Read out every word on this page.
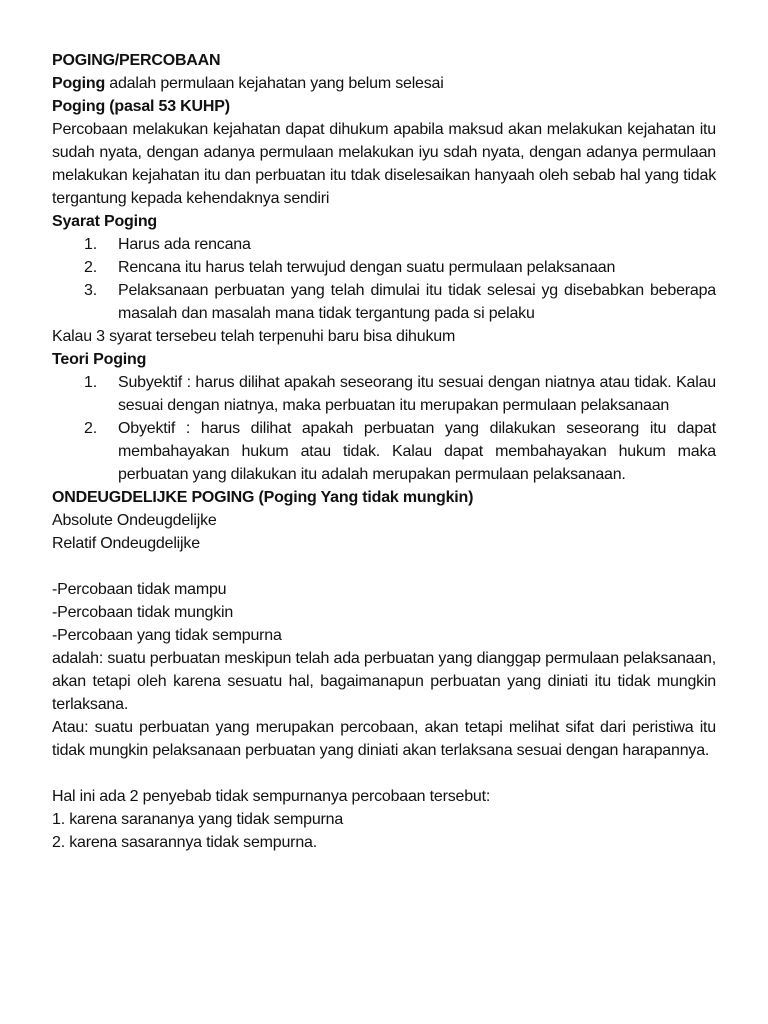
POGING/PERCOBAAN
Poging adalah permulaan kejahatan yang belum selesai
Poging (pasal 53 KUHP)
Percobaan melakukan kejahatan dapat dihukum apabila maksud akan melakukan kejahatan itu sudah nyata, dengan adanya permulaan melakukan iyu sdah nyata, dengan adanya permulaan melakukan kejahatan itu dan perbuatan itu tdak diselesaikan hanyaah oleh sebab hal yang tidak tergantung kepada kehendaknya sendiri
Syarat Poging
1. Harus ada rencana
2. Rencana itu harus telah terwujud dengan suatu permulaan pelaksanaan
3. Pelaksanaan perbuatan yang telah dimulai itu tidak selesai yg disebabkan beberapa masalah dan masalah mana tidak tergantung pada si pelaku
Kalau 3 syarat tersebeu telah terpenuhi baru bisa dihukum
Teori Poging
1. Subyektif : harus dilihat apakah seseorang itu sesuai dengan niatnya atau tidak. Kalau sesuai dengan niatnya, maka perbuatan itu merupakan permulaan pelaksanaan
2. Obyektif : harus dilihat apakah perbuatan yang dilakukan seseorang itu dapat membahayakan hukum atau tidak. Kalau dapat membahayakan hukum maka perbuatan yang dilakukan itu adalah merupakan permulaan pelaksanaan.
ONDEUGDELIJKE POGING (Poging Yang tidak mungkin)
Absolute Ondeugdelijke
Relatif Ondeugdelijke
-Percobaan tidak mampu
-Percobaan tidak mungkin
-Percobaan yang tidak sempurna
adalah: suatu perbuatan meskipun telah ada perbuatan yang dianggap permulaan pelaksanaan, akan tetapi oleh karena sesuatu hal, bagaimanapun perbuatan yang diniati itu tidak mungkin terlaksana.
Atau: suatu perbuatan yang merupakan percobaan, akan tetapi melihat sifat dari peristiwa itu tidak mungkin pelaksanaan perbuatan yang diniati akan terlaksana sesuai dengan harapannya.
Hal ini ada 2 penyebab tidak sempurnanya percobaan tersebut:
1. karena sarananya yang tidak sempurna
2. karena sasarannya tidak sempurna.
